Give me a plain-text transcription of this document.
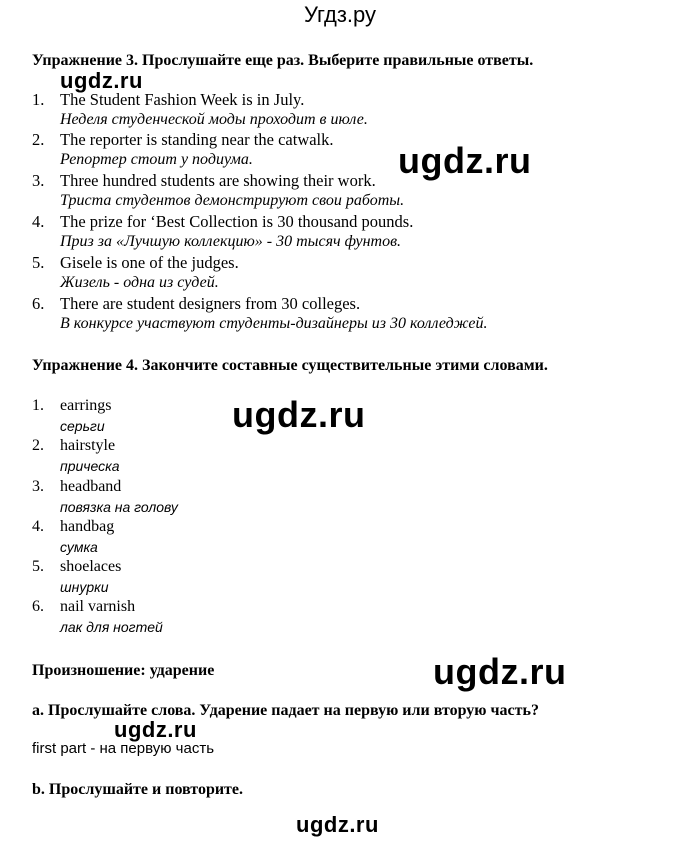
Угдз.ру
Упражнение 3. Прослушайте еще раз. Выберите правильные ответы.
1. The Student Fashion Week is in July.
Неделя студенческой моды проходит в июле.
2. The reporter is standing near the catwalk.
Репортер стоит у подиума.
3. Three hundred students are showing their work.
Триста студентов демонстрируют свои работы.
4. The prize for ‘Best Collection is 30 thousand pounds.
Приз за «Лучшую коллекцию» - 30 тысяч фунтов.
5. Gisele is one of the judges.
Жизель - одна из судей.
6. There are student designers from 30 colleges.
В конкурсе участвуют студенты-дизайнеры из 30 колледжей.
Упражнение 4. Закончите составные существительные этими словами.
1. earrings
серьги
2. hairstyle
прическа
3. headband
повязка на голову
4. handbag
сумка
5. shoelaces
шнурки
6. nail varnish
лак для ногтей
Произношение: ударение
a. Прослушайте слова. Ударение падает на первую или вторую часть?
first part - на первую часть
b. Прослушайте и повторите.
ugdz.ru
ugdz.ru
ugdz.ru
ugdz.ru
ugdz.ru
ugdz.ru
